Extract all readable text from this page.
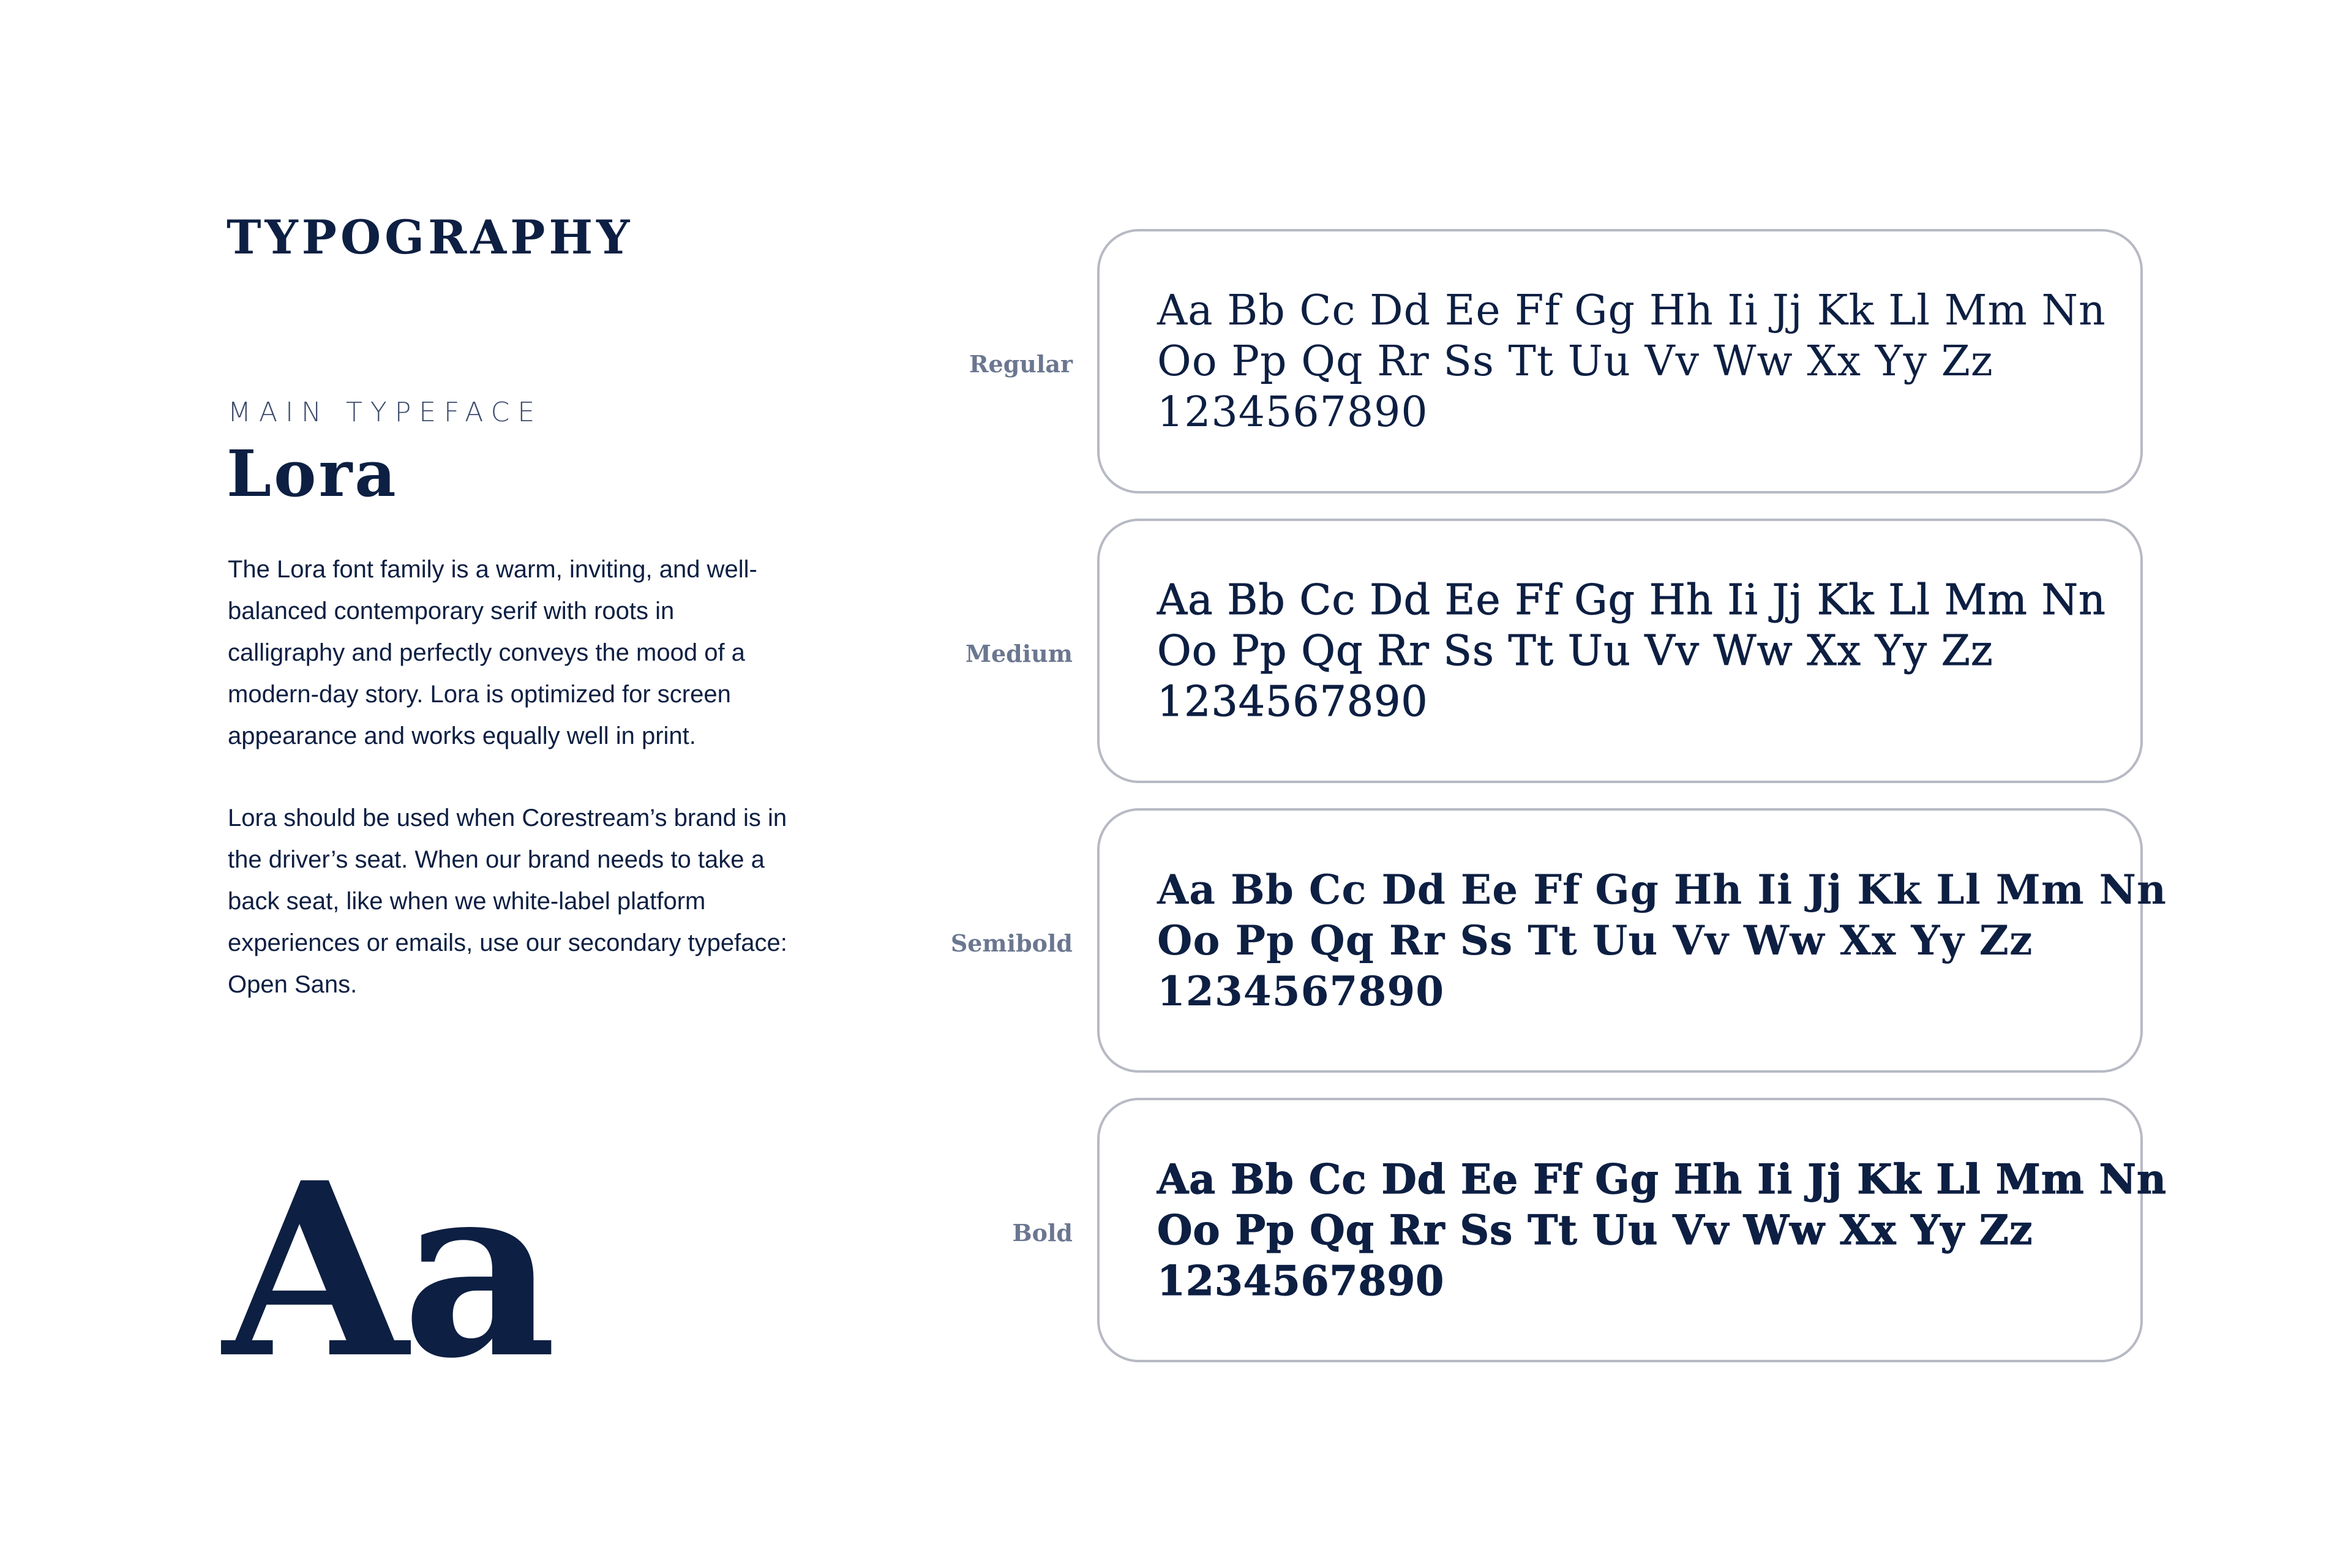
TYPOGRAPHY
MAIN TYPEFACE
Lora

The Lora font family is a warm, inviting, and well-balanced contemporary serif with roots in calligraphy and perfectly conveys the mood of a modern-day story. Lora is optimized for screen appearance and works equally well in print.

Lora should be used when Corestream’s brand is in the driver’s seat. When our brand needs to take a back seat, like when we white-label platform experiences or emails, use our secondary typeface: Open Sans.

Aa
Regular
Aa Bb Cc Dd Ee Ff Gg Hh Ii Jj Kk Ll Mm Nn
Oo Pp Qq Rr Ss Tt Uu Vv Ww Xx Yy Zz
1234567890
Medium
Aa Bb Cc Dd Ee Ff Gg Hh Ii Jj Kk Ll Mm Nn
Oo Pp Qq Rr Ss Tt Uu Vv Ww Xx Yy Zz
1234567890
Semibold
Aa Bb Cc Dd Ee Ff Gg Hh Ii Jj Kk Ll Mm Nn
Oo Pp Qq Rr Ss Tt Uu Vv Ww Xx Yy Zz
1234567890
Bold
Aa Bb Cc Dd Ee Ff Gg Hh Ii Jj Kk Ll Mm Nn
Oo Pp Qq Rr Ss Tt Uu Vv Ww Xx Yy Zz
1234567890
